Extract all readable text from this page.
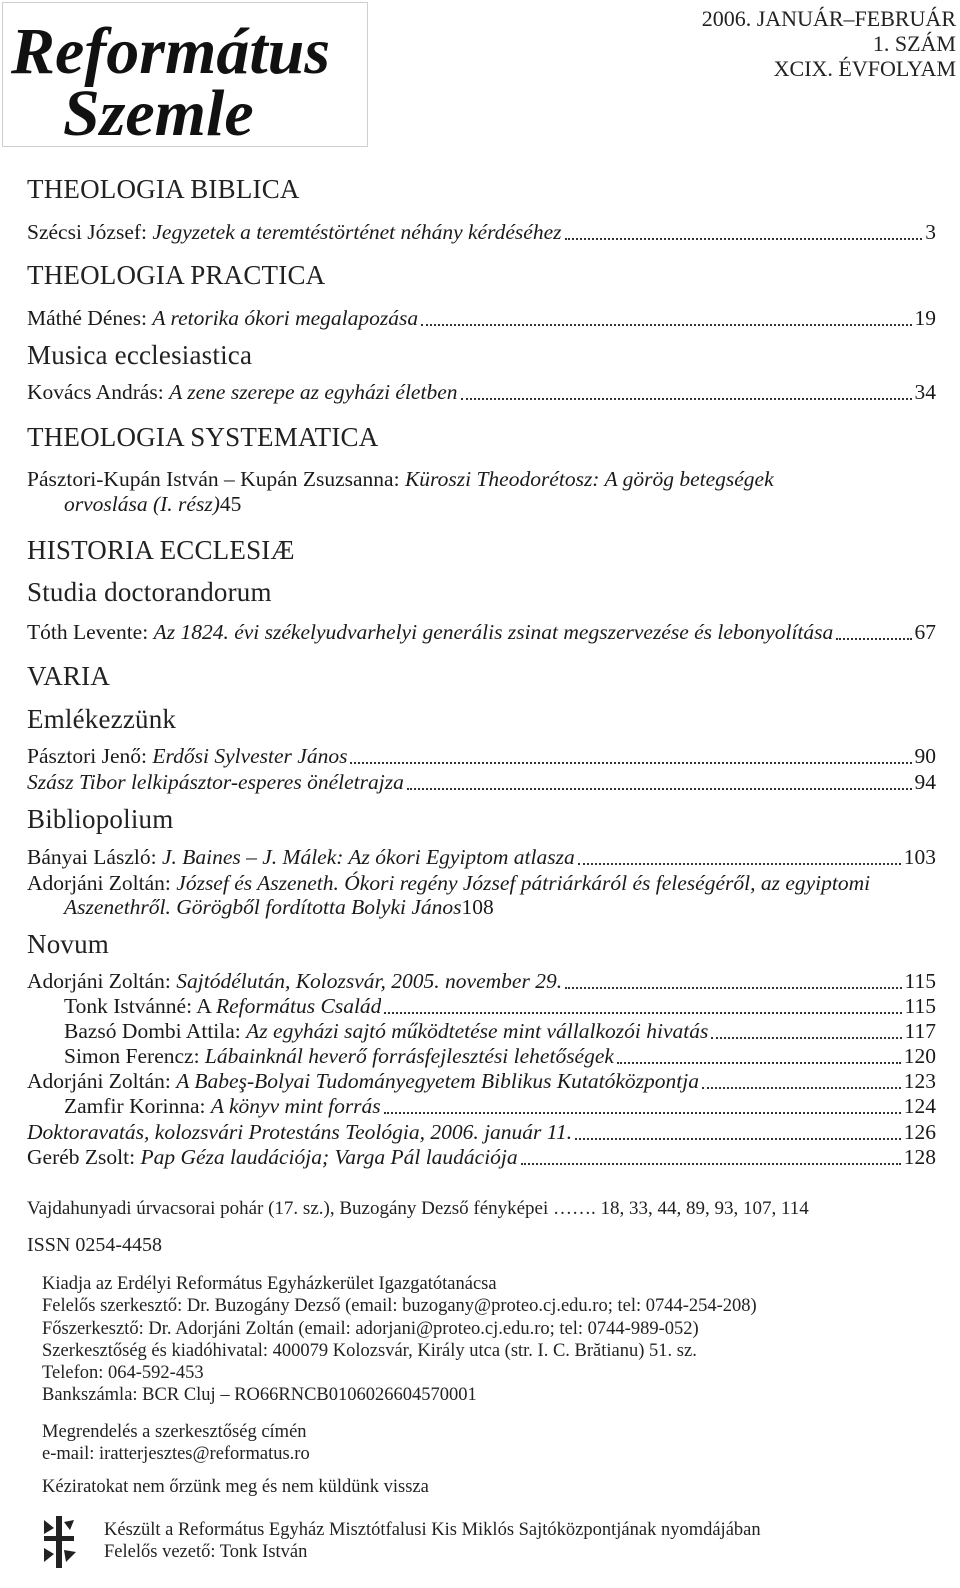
Református
Szemle
2006. JANUÁR–FEBRUÁR
1. SZÁM
XCIX. ÉVFOLYAM
THEOLOGIA BIBLICA
Szécsi József: Jegyzetek a teremtéstörténet néhány kérdéséhez	3
THEOLOGIA PRACTICA
Máthé Dénes: A retorika ókori megalapozása	19
Musica ecclesiastica
Kovács András: A zene szerepe az egyházi életben	34
THEOLOGIA SYSTEMATICA
Pásztori-Kupán István – Kupán Zsuzsanna: Küroszi Theodorétosz: A görög betegségek
orvoslása (I. rész) 45
HISTORIA ECCLESIÆ
Studia doctorandorum
Tóth Levente: Az 1824. évi székelyudvarhelyi generális zsinat megszervezése és lebonyolítása	67
VARIA
Emlékezzünk
Pásztori Jenő: Erdősi Sylvester János	90
Szász Tibor lelkipásztor-esperes önéletrajza	94
Bibliopolium
Bányai László: J. Baines – J. Málek: Az ókori Egyiptom atlasza	103
Adorjáni Zoltán: József és Aszeneth. Ókori regény József pátriárkáról és feleségéről, az egyiptomi
Aszenethről. Görögből fordította Bolyki János 108
Novum
Adorjáni Zoltán: Sajtódélután, Kolozsvár, 2005. november 29.	115
Tonk Istvánné: A Református Család	115
Bazsó Dombi Attila: Az egyházi sajtó működtetése mint vállalkozói hivatás	117
Simon Ferencz: Lábainknál heverő forrásfejlesztési lehetőségek	120
Adorjáni Zoltán: A Babeş-Bolyai Tudományegyetem Biblikus Kutatóközpontja	123
Zamfir Korinna: A könyv mint forrás	124
Doktoravatás, kolozsvári Protestáns Teológia, 2006. január 11.	126
Geréb Zsolt: Pap Géza laudációja; Varga Pál laudációja	128
Vajdahunyadi úrvacsorai pohár (17. sz.), Buzogány Dezső fényképei ……. 18, 33, 44, 89, 93, 107, 114
ISSN 0254-4458
Kiadja az Erdélyi Református Egyházkerület Igazgatótanácsa
Felelős szerkesztő: Dr. Buzogány Dezső (email: buzogany@proteo.cj.edu.ro; tel: 0744-254-208)
Főszerkesztő: Dr. Adorjáni Zoltán (email: adorjani@proteo.cj.edu.ro; tel: 0744-989-052)
Szerkesztőség és kiadóhivatal: 400079 Kolozsvár, Király utca (str. I. C. Brătianu) 51. sz.
Telefon: 064-592-453
Bankszámla: BCR Cluj – RO66RNCB0106026604570001
Megrendelés a szerkesztőség címén
e-mail: iratterjesztes@reformatus.ro
Kéziratokat nem őrzünk meg és nem küldünk vissza
Készült a Református Egyház Misztótfalusi Kis Miklós Sajtóközpontjának nyomdájában
Felelős vezető: Tonk István
